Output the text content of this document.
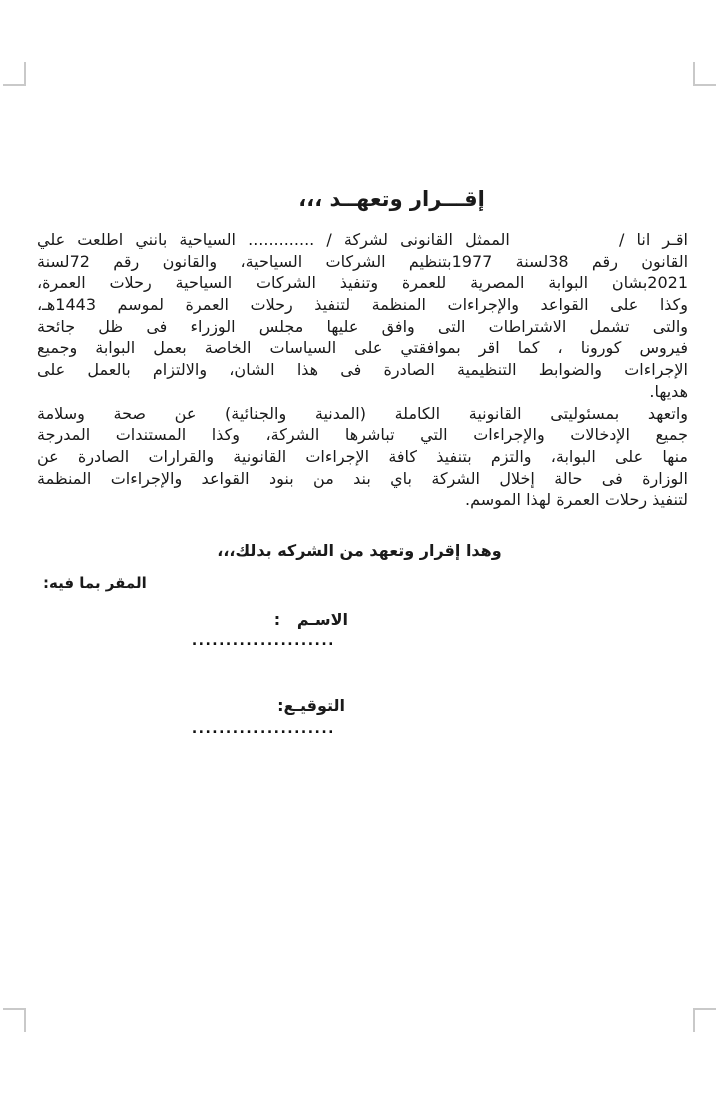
إقـــرار وتعهــد ،،،
اقـر انا /         الممثل القانونى لشركة / ............. السياحية بانني اطلعت علي
القانون رقم 38لسنة 1977بتنظيم الشركات السياحية، والقانون رقم 72لسنة
2021بشان البوابة المصرية للعمرة وتنفيذ الشركات السياحية رحلات العمرة،
وكذا على القواعد والإجراءات المنظمة لتنفيذ رحلات العمرة لموسم 1443هـ،
والتى تشمل الاشتراطات التى وافق عليها مجلس الوزراء فى ظل جائحة
فيروس كورونا ، كما اقر بموافقتي على السياسات الخاصة بعمل البوابة وجميع
الإجراءات والضوابط التنظيمية الصادرة فى هذا الشان، والالتزام بالعمل على
هديها.
واتعهد بمسئوليتى القانونية الكاملة (المدنية والجنائية) عن صحة وسلامة
جميع الإدخالات والإجراءات التي تباشرها الشركة، وكذا المستندات المدرجة
منها على البوابة، والتزم بتنفيذ كافة الإجراءات القانونية والقرارات الصادرة عن
الوزارة فى حالة إخلال الشركة باي بند من بنود القواعد والإجراءات المنظمة
لتنفيذ رحلات العمرة لهذا الموسم.
وهدا إقرار وتعهد من الشركه بدلك،،،
المقر بما فيه:
الاسـم   :
.....................
التوقيـع:
.....................
